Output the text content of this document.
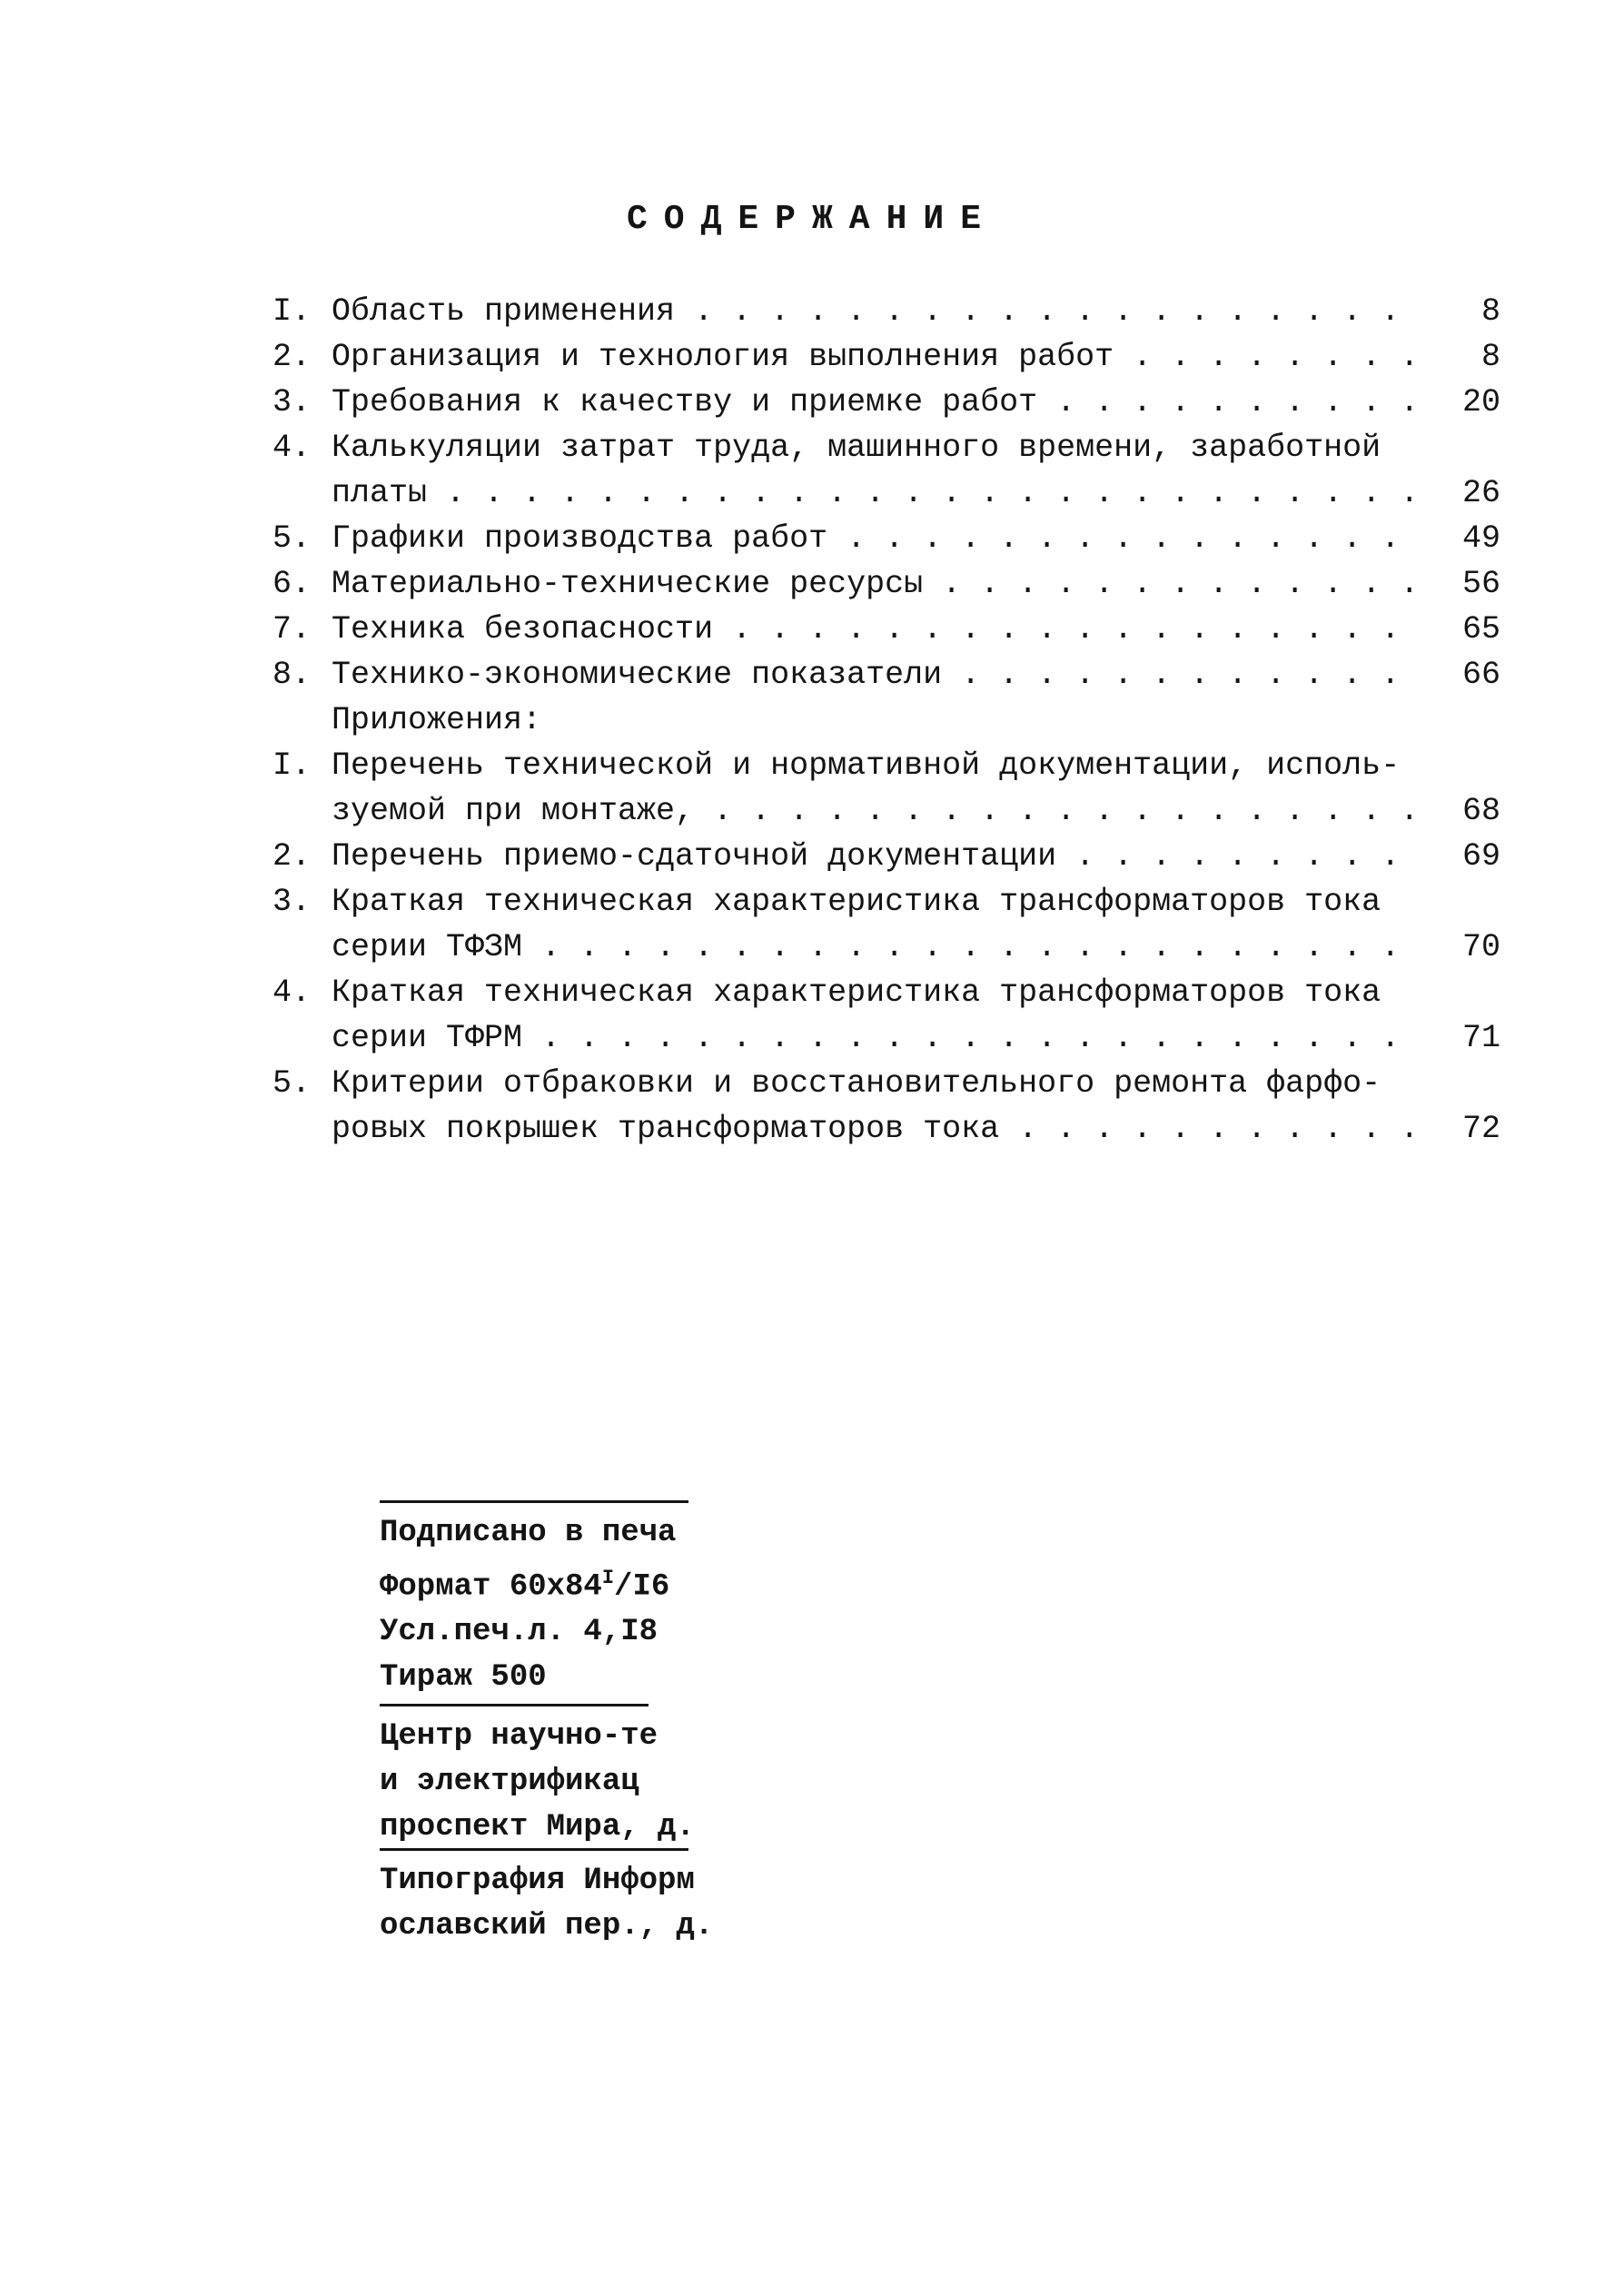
СОДЕРЖАНИЕ
I. Область применения . . .	8
2. Организация и технология выполнения работ . . .	8
3. Требования к качеству и приемке работ . . .	20
4. Калькуляции затрат труда, машинного времени, заработной
платы . . .	26
5. Графики производства работ . . .	49
6. Материально-технические ресурсы . . .	56
7. Техника безопасности . . .	65
8. Технико-экономические показатели . . .	66
Приложения:
I. Перечень технической и нормативной документации, исполь-
зуемой при монтаже, . . .	68
2. Перечень приемо-сдаточной документации . . .	69
3. Краткая техническая характеристика трансформаторов тока
серии ТФЗМ . . .	70
4. Краткая техническая характеристика трансформаторов тока
серии ТФРМ . . .	71
5. Критерии отбраковки и восстановительного ремонта фарфо-
ровых покрышек трансформаторов тока . . .	72
Подписано в печа
Формат $60х84^I/I6$
Усл.печ.л. 4,I8
Тираж 500
Центр научно-те
и электрификац
проспект Мира, д.
Типография Информ
ославский пер., д.
